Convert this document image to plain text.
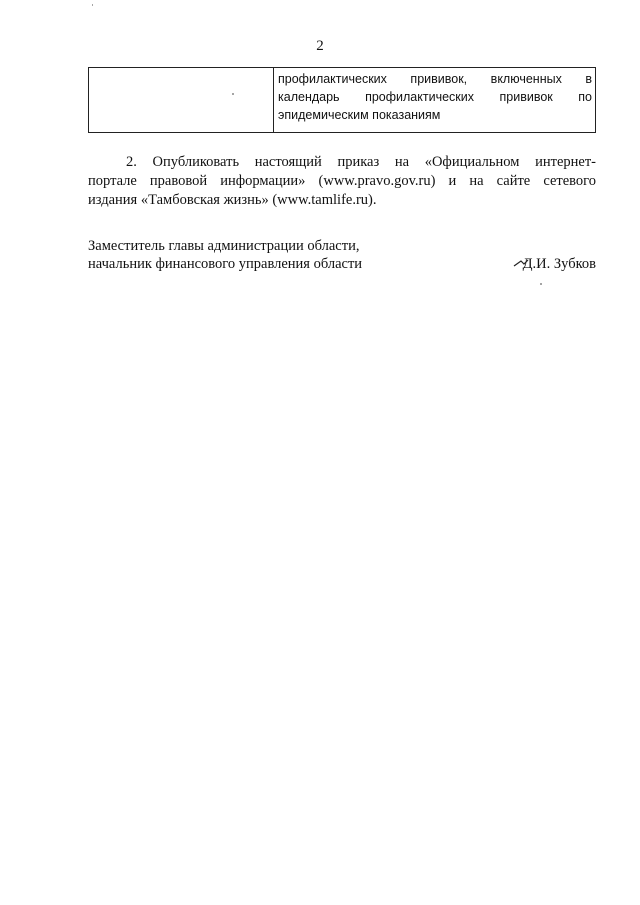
2
профилактических прививок, включенных в
календарь профилактических прививок по
эпидемическим показаниям
2. Опубликовать настоящий приказ на «Официальном интернет-
портале правовой информации» (www.pravo.gov.ru) и на сайте сетевого
издания «Тамбовская жизнь» (www.tamlife.ru).
Заместитель главы администрации области,
начальник финансового управления области	Д.И. Зубков
